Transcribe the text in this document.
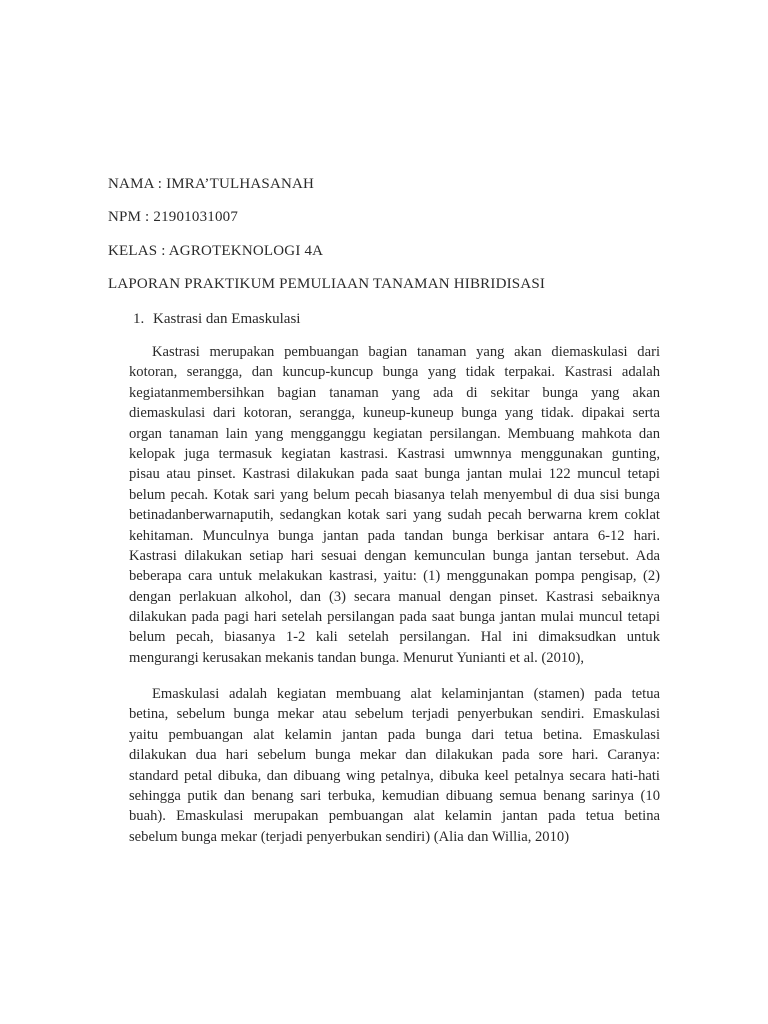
NAMA : IMRA’TULHASANAH
NPM : 21901031007
KELAS : AGROTEKNOLOGI 4A
LAPORAN PRAKTIKUM PEMULIAAN TANAMAN HIBRIDISASI
1. Kastrasi dan Emaskulasi
Kastrasi merupakan pembuangan bagian tanaman yang akan diemaskulasi dari
kotoran, serangga, dan kuncup-kuncup bunga yang tidak terpakai. Kastrasi adalah
kegiatanmembersihkan bagian tanaman yang ada di sekitar bunga yang akan
diemaskulasi dari kotoran, serangga, kuneup-kuneup bunga yang tidak. dipakai serta
organ tanaman lain yang mengganggu kegiatan persilangan. Membuang mahkota dan
kelopak juga termasuk kegiatan kastrasi. Kastrasi umwnnya menggunakan gunting,
pisau atau pinset. Kastrasi dilakukan pada saat bunga jantan mulai 122 muncul tetapi
belum pecah. Kotak sari yang belum pecah biasanya telah menyembul di dua sisi bunga
betinadanberwarnaputih, sedangkan kotak sari yang sudah pecah berwarna krem coklat
kehitaman. Munculnya bunga jantan pada tandan bunga berkisar antara 6-12 hari.
Kastrasi dilakukan setiap hari sesuai dengan kemunculan bunga jantan tersebut. Ada
beberapa cara untuk melakukan kastrasi, yaitu: (1) menggunakan pompa pengisap, (2)
dengan perlakuan alkohol, dan (3) secara manual dengan pinset. Kastrasi sebaiknya
dilakukan pada pagi hari setelah persilangan pada saat bunga jantan mulai muncul tetapi
belum pecah, biasanya 1-2 kali setelah persilangan. Hal ini dimaksudkan untuk
mengurangi kerusakan mekanis tandan bunga. Menurut Yunianti et al. (2010),
Emaskulasi adalah kegiatan membuang alat kelaminjantan (stamen) pada tetua
betina, sebelum bunga mekar atau sebelum terjadi penyerbukan sendiri. Emaskulasi
yaitu pembuangan alat kelamin jantan pada bunga dari tetua betina. Emaskulasi
dilakukan dua hari sebelum bunga mekar dan dilakukan pada sore hari. Caranya:
standard petal dibuka, dan dibuang wing petalnya, dibuka keel petalnya secara hati-hati
sehingga putik dan benang sari terbuka, kemudian dibuang semua benang sarinya (10
buah). Emaskulasi merupakan pembuangan alat kelamin jantan pada tetua betina
sebelum bunga mekar (terjadi penyerbukan sendiri) (Alia dan Willia, 2010)
